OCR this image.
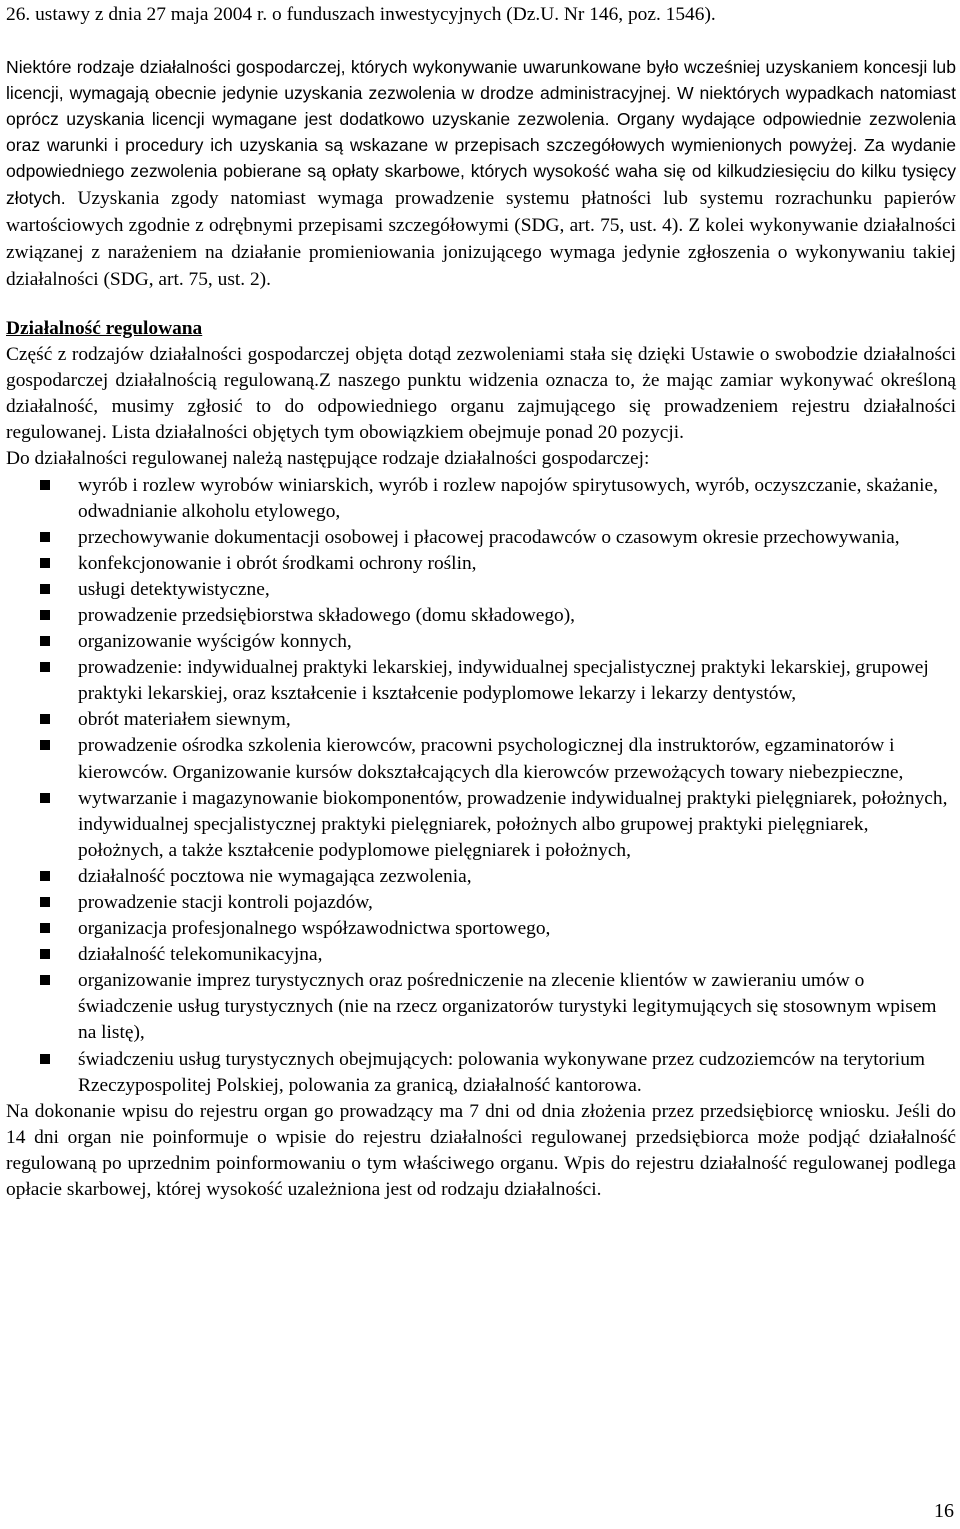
26. ustawy z dnia 27 maja 2004 r. o funduszach inwestycyjnych (Dz.U. Nr 146, poz. 1546).

Niektóre rodzaje działalności gospodarczej, których wykonywanie uwarunkowane było wcześniej uzyskaniem koncesji lub licencji, wymagają obecnie jedynie uzyskania zezwolenia w drodze administracyjnej. W niektórych wypadkach natomiast oprócz uzyskania licencji wymagane jest dodatkowo uzyskanie zezwolenia. Organy wydające odpowiednie zezwolenia oraz warunki i procedury ich uzyskania są wskazane w przepisach szczegółowych wymienionych powyżej. Za wydanie odpowiedniego zezwolenia pobierane są opłaty skarbowe, których wysokość waha się od kilkudziesięciu do kilku tysięcy złotych. Uzyskania zgody natomiast wymaga prowadzenie systemu płatności lub systemu rozrachunku papierów wartościowych zgodnie z odrębnymi przepisami szczegółowymi (SDG, art. 75, ust. 4). Z kolei wykonywanie działalności związanej z narażeniem na działanie promieniowania jonizującego wymaga jedynie zgłoszenia o wykonywaniu takiej działalności (SDG, art. 75, ust. 2).

Działalność regulowana

Część z rodzajów działalności gospodarczej objęta dotąd zezwoleniami stała się dzięki Ustawie o swobodzie działalności gospodarczej działalnością regulowaną.Z naszego punktu widzenia oznacza to, że mając zamiar wykonywać określoną działalność, musimy zgłosić to do odpowiedniego organu zajmującego się prowadzeniem rejestru działalności regulowanej. Lista działalności objętych tym obowiązkiem obejmuje ponad 20 pozycji.

Do działalności regulowanej należą następujące rodzaje działalności gospodarczej:

wyrób i rozlew wyrobów winiarskich, wyrób i rozlew napojów spirytusowych, wyrób, oczyszczanie, skażanie, odwadnianie alkoholu etylowego,
przechowywanie dokumentacji osobowej i płacowej pracodawców o czasowym okresie przechowywania,
konfekcjonowanie i obrót środkami ochrony roślin,
usługi detektywistyczne,
prowadzenie przedsiębiorstwa składowego (domu składowego),
organizowanie wyścigów konnych,
prowadzenie: indywidualnej praktyki lekarskiej, indywidualnej specjalistycznej praktyki lekarskiej, grupowej praktyki lekarskiej, oraz kształcenie i kształcenie podyplomowe lekarzy i lekarzy dentystów,
obrót materiałem siewnym,
prowadzenie ośrodka szkolenia kierowców, pracowni psychologicznej dla instruktorów, egzaminatorów i kierowców. Organizowanie kursów dokształcających dla kierowców przewożących towary niebezpieczne,
wytwarzanie i magazynowanie biokomponentów, prowadzenie indywidualnej praktyki pielęgniarek, położnych, indywidualnej specjalistycznej praktyki pielęgniarek, położnych albo grupowej praktyki pielęgniarek, położnych, a także kształcenie podyplomowe pielęgniarek i położnych,
działalność pocztowa nie wymagająca zezwolenia,
prowadzenie stacji kontroli pojazdów,
organizacja profesjonalnego współzawodnictwa sportowego,
działalność telekomunikacyjna,
organizowanie imprez turystycznych oraz pośredniczenie na zlecenie klientów w zawieraniu umów o świadczenie usług turystycznych (nie na rzecz organizatorów turystyki legitymujących się stosownym wpisem na listę),
świadczeniu usług turystycznych obejmujących: polowania wykonywane przez cudzoziemców na terytorium Rzeczypospolitej Polskiej, polowania za granicą, działalność kantorowa.

Na dokonanie wpisu do rejestru organ go prowadzący ma 7 dni od dnia złożenia przez przedsiębiorcę wniosku. Jeśli do 14 dni organ nie poinformuje o wpisie do rejestru działalności regulowanej przedsiębiorca może podjąć działalność regulowaną po uprzednim poinformowaniu o tym właściwego organu. Wpis do rejestru działalność regulowanej podlega opłacie skarbowej, której wysokość uzależniona jest od rodzaju działalności.

16
